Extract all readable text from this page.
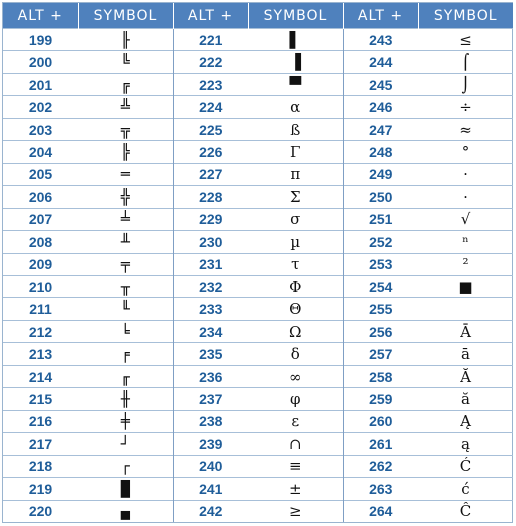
ALT +	SYMBOL	ALT +	SYMBOL	ALT +	SYMBOL
199	╟	221	▌	243	≤
200	╚	222	▐	244	⌠
201	╔	223	▀	245	⌡
202	╩	224	α	246	÷
203	╦	225	ß	247	≈
204	╠	226	Γ	248	°
205	═	227	π	249	·
206	╬	228	Σ	250	·
207	╧	229	σ	251	√
208	╨	230	µ	252	ⁿ
209	╤	231	τ	253	²
210	╥	232	Φ	254	■
211	╙	233	Θ	255	
212	╘	234	Ω	256	Ā
213	╒	235	δ	257	ā
214	╓	236	∞	258	Ă
215	╫	237	φ	259	ă
216	╪	238	ε	260	Ą
217	┘	239	∩	261	ą
218	┌	240	≡	262	Ć
219	█	241	±	263	ć
220	▄	242	≥	264	Ĉ
